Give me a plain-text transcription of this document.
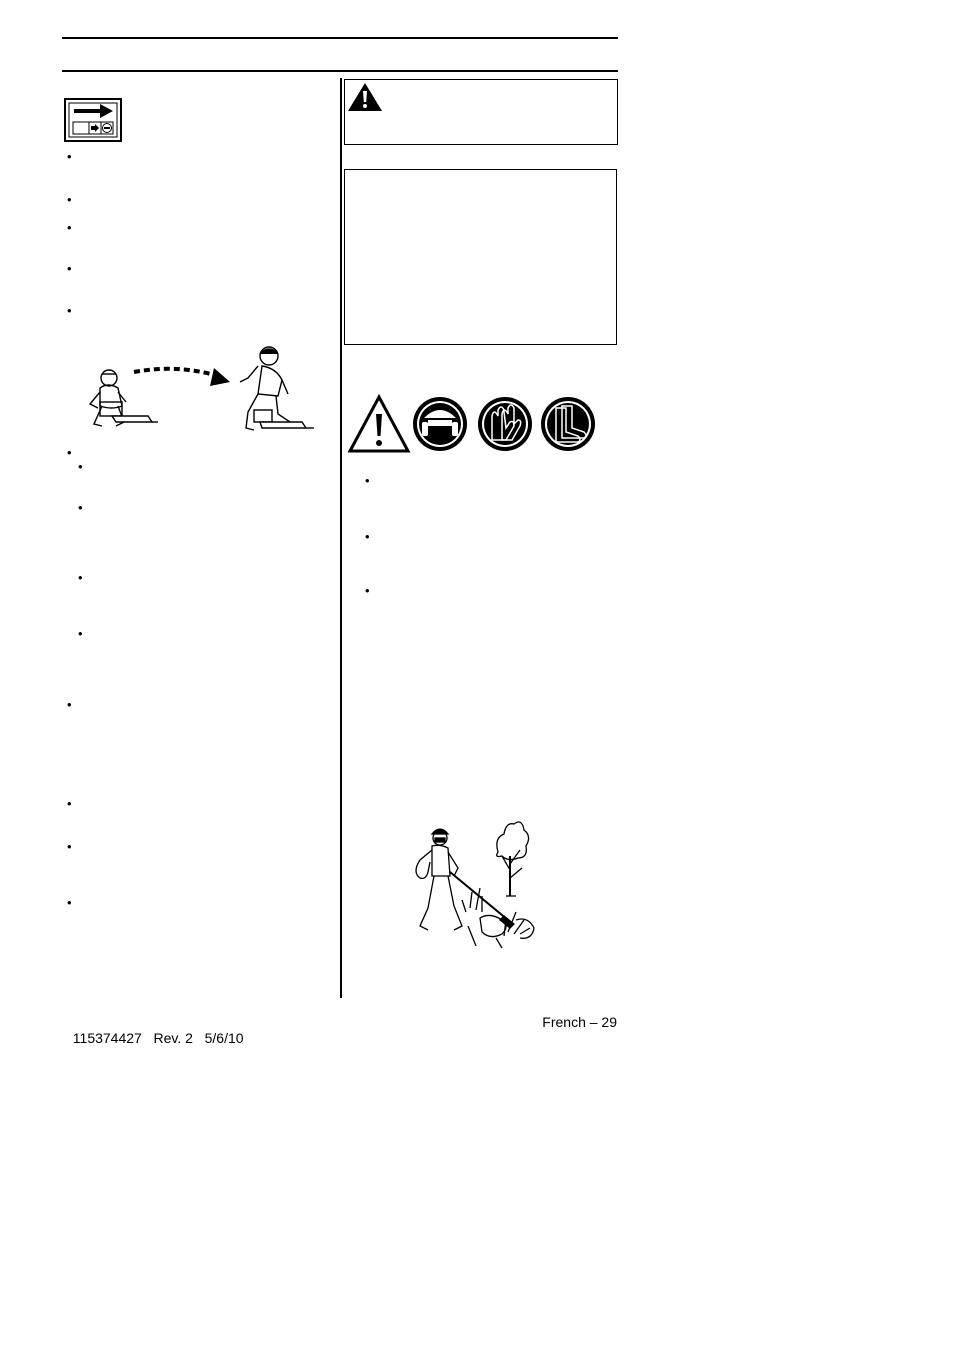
•
•
•
•
•
•
•
•
•
•
•
•
•
•
•
•
•

115374427 Rev. 2 5/6/10

French – 29
